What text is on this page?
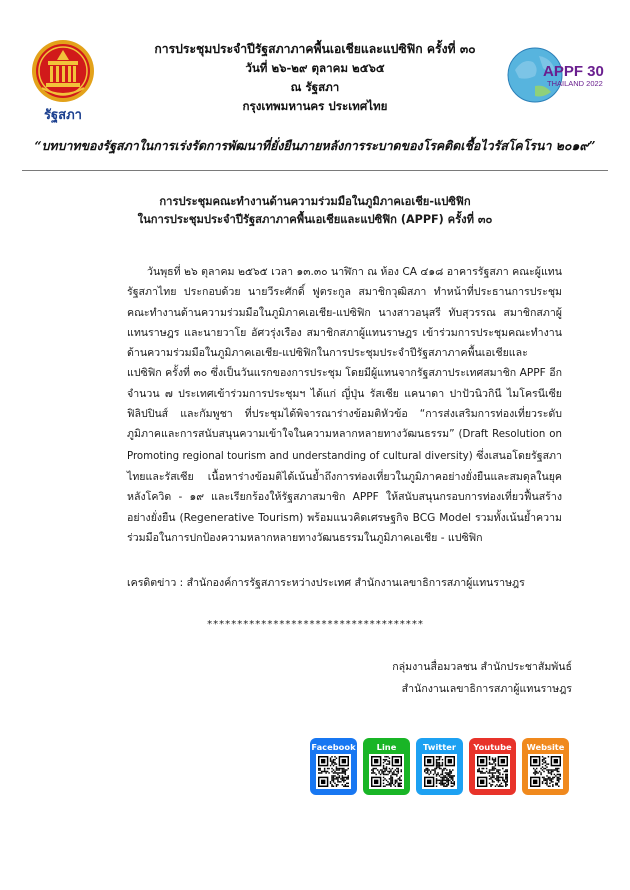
รัฐสภา
APPF 30
THAILAND 2022
การประชุมประจำปีรัฐสภาภาคพื้นเอเชียและแปซิฟิก ครั้งที่ ๓๐
วันที่ ๒๖-๒๙ ตุลาคม ๒๕๖๕
ณ รัฐสภา
กรุงเทพมหานคร ประเทศไทย
“บทบาทของรัฐสภาในการเร่งรัดการพัฒนาที่ยั่งยืนภายหลังการระบาดของโรคติดเชื้อไวรัสโคโรนา ๒๐๑๙”
การประชุมคณะทำงานด้านความร่วมมือในภูมิภาคเอเชีย-แปซิฟิก
ในการประชุมประจำปีรัฐสภาภาคพื้นเอเชียและแปซิฟิก (APPF) ครั้งที่ ๓๐
วันพุธที่ ๒๖ ตุลาคม ๒๕๖๕ เวลา ๑๓.๓๐ นาฬิกา ณ ห้อง CA ๔๑๘ อาคารรัฐสภา คณะผู้แทนรัฐสภาไทย ประกอบด้วย นายวีระศักดิ์ ฟูตระกูล สมาชิกวุฒิสภา ทำหน้าที่ประธานการประชุมคณะทำงานด้านความร่วมมือในภูมิภาคเอเชีย-แปซิฟิก นางสาวอนุสรี ทับสุวรรณ สมาชิกสภาผู้แทนราษฎร และนายวาโย อัศวรุ่งเรือง สมาชิกสภาผู้แทนราษฎร เข้าร่วมการประชุมคณะทำงานด้านความร่วมมือในภูมิภาคเอเชีย-แปซิฟิกในการประชุมประจำปีรัฐสภาภาคพื้นเอเชียและแปซิฟิก ครั้งที่ ๓๐ ซึ่งเป็นวันแรกของการประชุม โดยมีผู้แทนจากรัฐสภาประเทศสมาชิก APPF อีกจำนวน ๗ ประเทศเข้าร่วมการประชุมฯ ได้แก่ ญี่ปุ่น รัสเซีย แคนาดา ปาปัวนิวกินี ไมโครนีเซีย ฟิลิปปินส์ และกัมพูชา ที่ประชุมได้พิจารณาร่างข้อมติหัวข้อ “การส่งเสริมการท่องเที่ยวระดับภูมิภาคและการสนับสนุนความเข้าใจในความหลากหลายทางวัฒนธรรม” (Draft Resolution on Promoting regional tourism and understanding of cultural diversity) ซึ่งเสนอโดยรัฐสภาไทยและรัสเซีย เนื้อหาร่างข้อมติได้เน้นย้ำถึงการท่องเที่ยวในภูมิภาคอย่างยั่งยืนและสมดุลในยุคหลังโควิด - ๑๙ และเรียกร้องให้รัฐสภาสมาชิก APPF ให้สนับสนุนกรอบการท่องเที่ยวฟื้นสร้างอย่างยั่งยืน (Regenerative Tourism) พร้อมแนวคิดเศรษฐกิจ BCG Model รวมทั้งเน้นย้ำความร่วมมือในการปกป้องความหลากหลายทางวัฒนธรรมในภูมิภาคเอเชีย - แปซิฟิก
เครดิตข่าว : สำนักองค์การรัฐสภาระหว่างประเทศ สำนักงานเลขาธิการสภาผู้แทนราษฎร
************************************
กลุ่มงานสื่อมวลชน สำนักประชาสัมพันธ์
สำนักงานเลขาธิการสภาผู้แทนราษฎร
Facebook	Line	Twitter	Youtube	Website
